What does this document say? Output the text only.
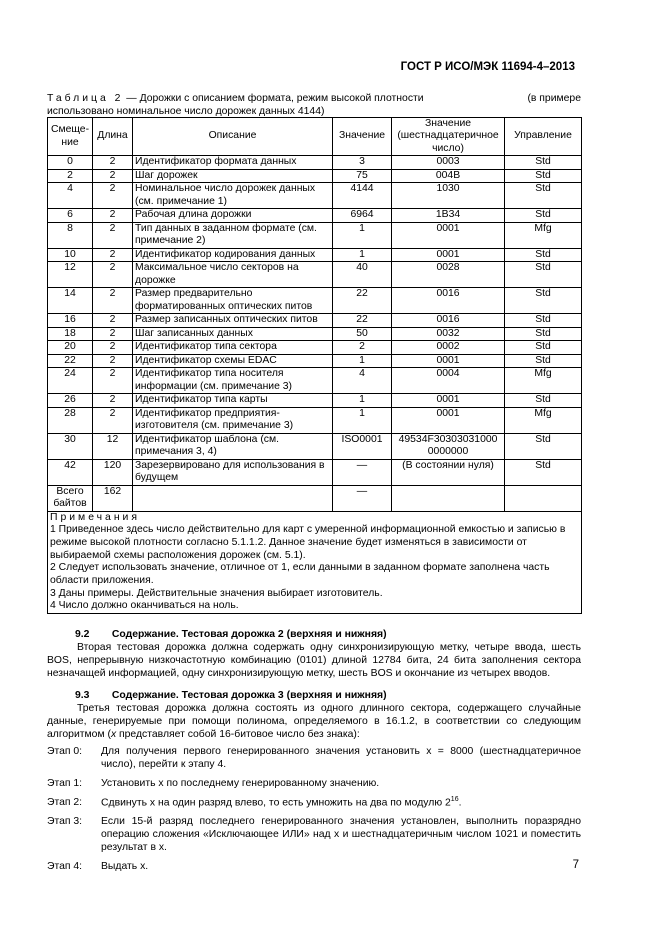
ГОСТ Р ИСО/МЭК 11694-4–2013
(в примере
Таблица 2 — Дорожки с описанием формата, режим высокой плотности
использовано номинальное число дорожек данных 4144)
Смеще-ние	Длина	Описание	Значение	Значение (шестнадцатеричное число)	Управление
0	2	Идентификатор формата данных	3	0003	Std
2	2	Шаг дорожек	75	004B	Std
4	2	Номинальное число дорожек данных (см. примечание 1)	4144	1030	Std
6	2	Рабочая длина дорожки	6964	1B34	Std
8	2	Тип данных в заданном формате (см. примечание 2)	1	0001	Mfg
10	2	Идентификатор кодирования данных	1	0001	Std
12	2	Максимальное число секторов на дорожке	40	0028	Std
14	2	Размер предварительно форматированных оптических питов	22	0016	Std
16	2	Размер записанных оптических питов	22	0016	Std
18	2	Шаг записанных данных	50	0032	Std
20	2	Идентификатор типа сектора	2	0002	Std
22	2	Идентификатор схемы EDAC	1	0001	Std
24	2	Идентификатор типа носителя информации (см. примечание 3)	4	0004	Mfg
26	2	Идентификатор типа карты	1	0001	Std
28	2	Идентификатор предприятия-изготовителя (см. примечание 3)	1	0001	Mfg
30	12	Идентификатор шаблона (см. примечания 3, 4)	ISO0001	49534F30303031000 0000000	Std
42	120	Зарезервировано для использования в будущем	—	(В состоянии нуля)	Std
Всего байтов	162		—		

Примечания
1 Приведенное здесь число действительно для карт с умеренной информационной емкостью и записью в режиме высокой плотности согласно 5.1.1.2. Данное значение будет изменяться в зависимости от выбираемой схемы расположения дорожек (см. 5.1).
2 Следует использовать значение, отличное от 1, если данными в заданном формате заполнена часть области приложения.
3 Даны примеры. Действительные значения выбирает изготовитель.
4 Число должно оканчиваться на ноль.					
9.2 Содержание. Тестовая дорожка 2 (верхняя и нижняя)
Вторая тестовая дорожка должна содержать одну синхронизирующую метку, четыре ввода, шесть BOS, непрерывную низкочастотную комбинацию (0101) длиной 12784 бита, 24 бита заполнения сектора незначащей информацией, одну синхронизирующую метку, шесть BOS и окончание из четырех вводов.
9.3 Содержание. Тестовая дорожка 3 (верхняя и нижняя)
Третья тестовая дорожка должна состоять из одного длинного сектора, содержащего случайные данные, генерируемые при помощи полинома, определяемого в 16.1.2, в соответствии со следующим алгоритмом (x представляет собой 16-битовое число без знака):
Этап 0:	Для получения первого генерированного значения установить x = 8000 (шестнадцатеричное число), перейти к этапу 4.
Этап 1:	Установить x по последнему генерированному значению.
Этап 2:	Сдвинуть x на один разряд влево, то есть умножить на два по модулю $2^{16}$.
Этап 3:	Если 15-й разряд последнего генерированного значения установлен, выполнить поразрядно операцию сложения «Исключающее ИЛИ» над x и шестнадцатеричным числом 1021 и поместить результат в x.
Этап 4:	Выдать x.	7
